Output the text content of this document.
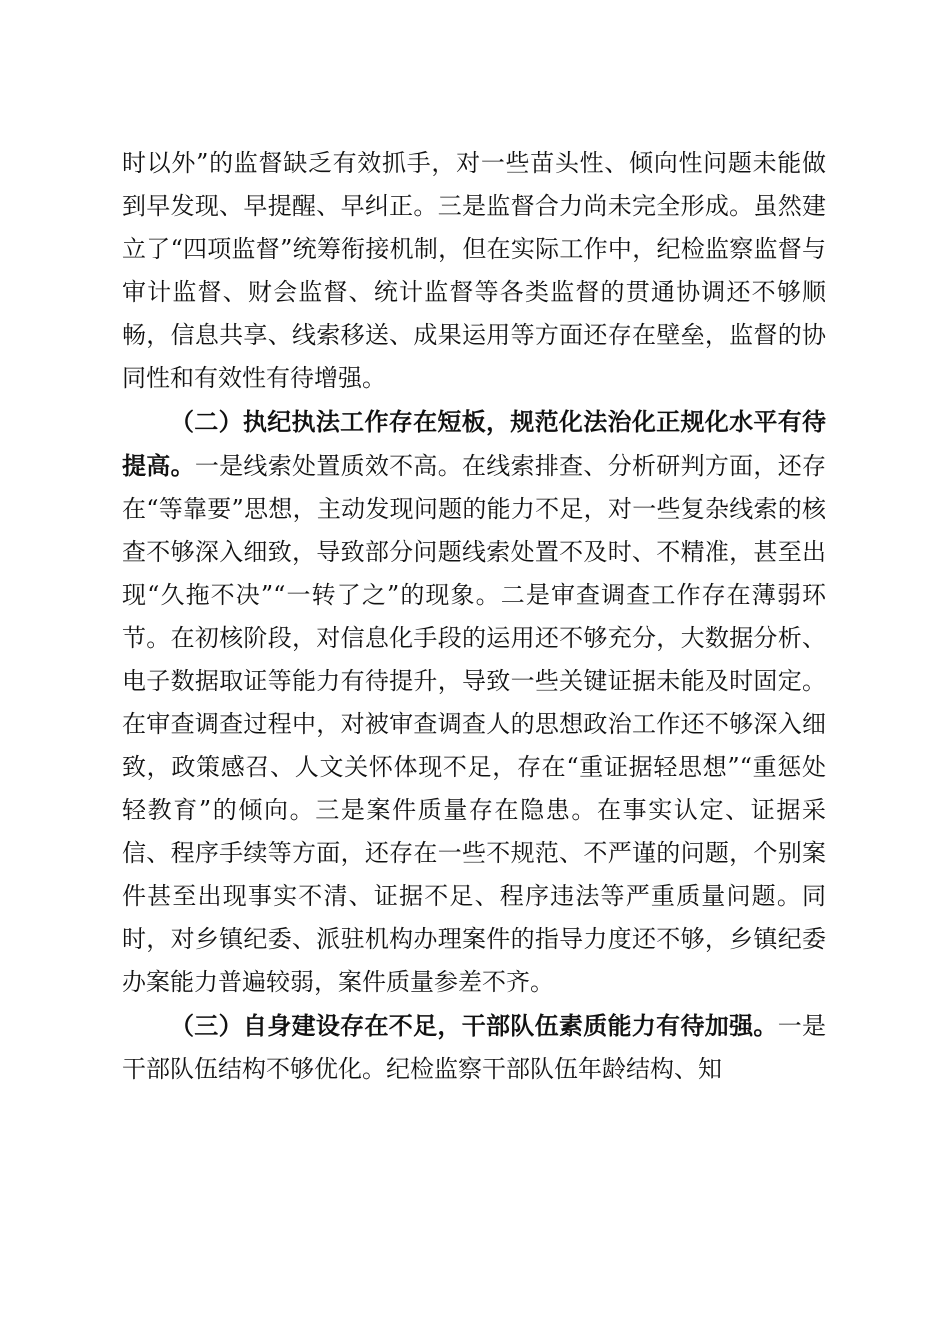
时以外”的监督缺乏有效抓手，对一些苗头性、倾向性问题未能做到早发现、早提醒、早纠正。三是监督合力尚未完全形成。虽然建立了“四项监督”统筹衔接机制，但在实际工作中，纪检监察监督与审计监督、财会监督、统计监督等各类监督的贯通协调还不够顺畅，信息共享、线索移送、成果运用等方面还存在壁垒，监督的协同性和有效性有待增强。

（二）执纪执法工作存在短板，规范化法治化正规化水平有待提高。一是线索处置质效不高。在线索排查、分析研判方面，还存在“等靠要”思想，主动发现问题的能力不足，对一些复杂线索的核查不够深入细致，导致部分问题线索处置不及时、不精准，甚至出现“久拖不决”“一转了之”的现象。二是审查调查工作存在薄弱环节。在初核阶段，对信息化手段的运用还不够充分，大数据分析、电子数据取证等能力有待提升，导致一些关键证据未能及时固定。在审查调查过程中，对被审查调查人的思想政治工作还不够深入细致，政策感召、人文关怀体现不足，存在“重证据轻思想”“重惩处轻教育”的倾向。三是案件质量存在隐患。在事实认定、证据采信、程序手续等方面，还存在一些不规范、不严谨的问题，个别案件甚至出现事实不清、证据不足、程序违法等严重质量问题。同时，对乡镇纪委、派驻机构办理案件的指导力度还不够，乡镇纪委办案能力普遍较弱，案件质量参差不齐。

（三）自身建设存在不足，干部队伍素质能力有待加强。一是干部队伍结构不够优化。纪检监察干部队伍年龄结构、知
